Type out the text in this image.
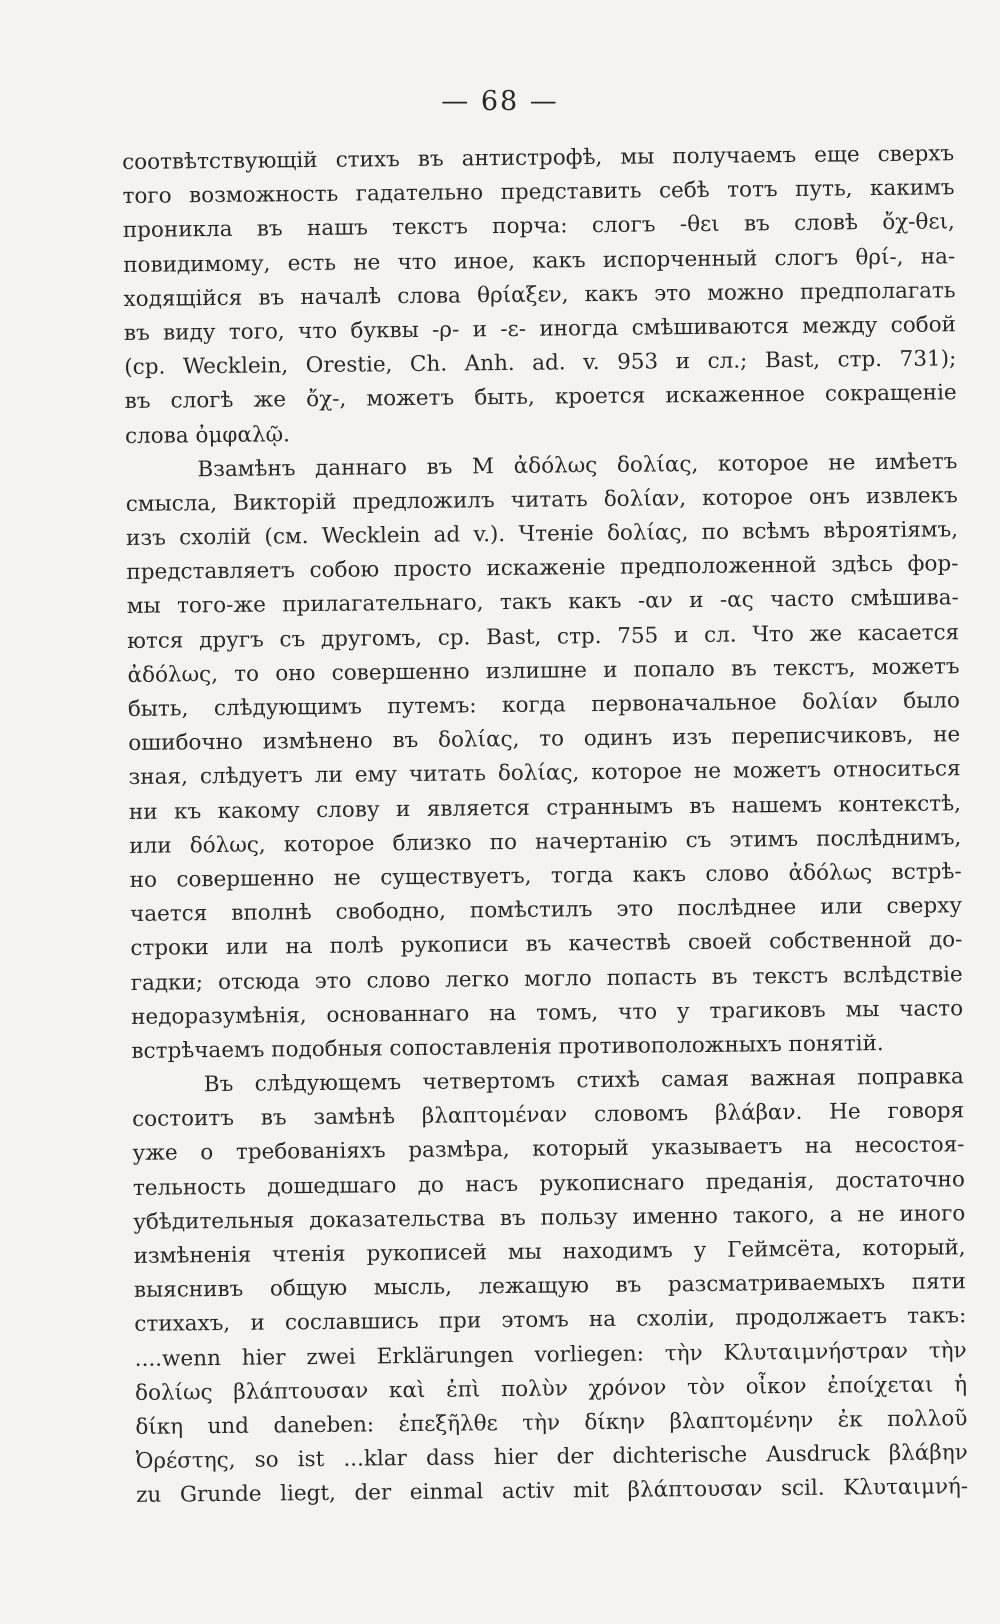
— 68 —
соотвѣтствующій стихъ въ антистрофѣ, мы получаемъ еще сверхъ
того возможность гадательно представить себѣ тотъ путь, какимъ
проникла въ нашъ текстъ порча: слогъ -θει въ словѣ ὄχ-θει,
повидимому, есть не что иное, какъ испорченный слогъ θρί-, на-
ходящійся въ началѣ слова θρίαξεν, какъ это можно предполагать
въ виду того, что буквы -ρ- и -ε- иногда смѣшиваются между собой
(ср. Wecklein, Orestie, Ch. Anh. ad. v. 953 и сл.; Bast, стр. 731);
въ слогѣ же ὄχ-, можетъ быть, кроется искаженное сокращеніе
слова ὀμφαλῷ.
Взамѣнъ даннаго въ M ἀδόλως δολίας, которое не имѣетъ
смысла, Викторій предложилъ читать δολίαν, которое онъ извлекъ
изъ схолій (см. Wecklein ad v.). Чтеніе δολίας, по всѣмъ вѣроятіямъ,
представляетъ собою просто искаженіе предположенной здѣсь фор-
мы того-же прилагательнаго, такъ какъ -αν и -ας часто смѣшива-
ются другъ съ другомъ, ср. Bast, стр. 755 и сл. Что же касается
ἀδόλως, то оно совершенно излишне и попало въ текстъ, можетъ
быть, слѣдующимъ путемъ: когда первоначальное δολίαν было
ошибочно измѣнено въ δολίας, то одинъ изъ переписчиковъ, не
зная, слѣдуетъ ли ему читать δολίας, которое не можетъ относиться
ни къ какому слову и является страннымъ въ нашемъ контекстѣ,
или δόλως, которое близко по начертанію съ этимъ послѣднимъ,
но совершенно не существуетъ, тогда какъ слово ἀδόλως встрѣ-
чается вполнѣ свободно, помѣстилъ это послѣднее или сверху
строки или на полѣ рукописи въ качествѣ своей собственной до-
гадки; отсюда это слово легко могло попасть въ текстъ вслѣдствіе
недоразумѣнія, основаннаго на томъ, что у трагиковъ мы часто
встрѣчаемъ подобныя сопоставленія противоположныхъ понятій.
Въ слѣдующемъ четвертомъ стихѣ самая важная поправка
состоитъ въ замѣнѣ βλαπτομέναν словомъ βλάβαν. Не говоря
уже о требованіяхъ размѣра, который указываетъ на несостоя-
тельность дошедшаго до насъ рукописнаго преданія, достаточно
убѣдительныя доказательства въ пользу именно такого, а не иного
измѣненія чтенія рукописей мы находимъ у Геймсёта, который,
выяснивъ общую мысль, лежащую въ разсматриваемыхъ пяти
стихахъ, и сославшись при этомъ на схоліи, продолжаетъ такъ:
....wenn hier zwei Erklärungen vorliegen: τὴν Κλυταιμνήστραν τὴν
δολίως βλάπτουσαν καὶ ἐπὶ πολὺν χρόνον τὸν οἶκον ἐποίχεται ἡ
δίκη und daneben: ἐπεξῆλθε τὴν δίκην βλαπτομένην ἐκ πολλοῦ
Ὀρέστης, so ist ...klar dass hier der dichterische Ausdruck βλάβην
zu Grunde liegt, der einmal activ mit βλάπτουσαν scil. Κλυταιμνή-
